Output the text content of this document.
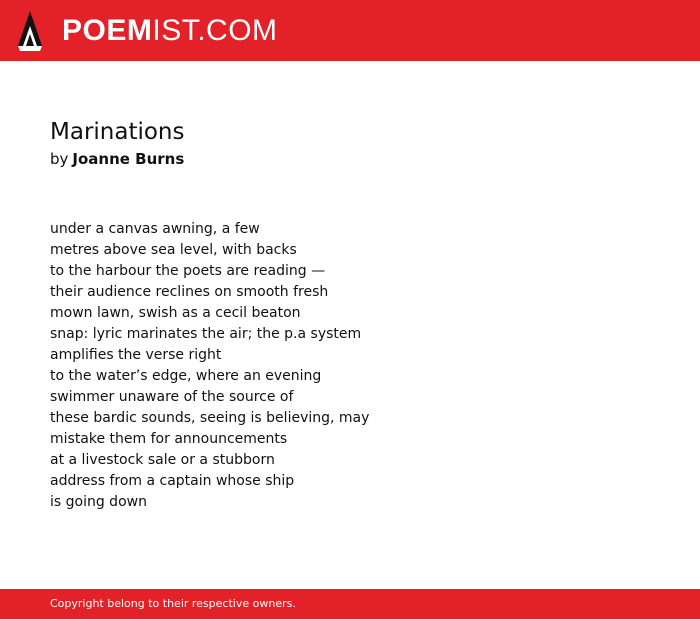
POEMIST.COM
Marinations
by Joanne Burns
under a canvas awning, a few
metres above sea level, with backs
to the harbour the poets are reading —
their audience reclines on smooth fresh
mown lawn, swish as a cecil beaton
snap: lyric marinates the air; the p.a system
amplifies the verse right
to the water’s edge, where an evening
swimmer unaware of the source of
these bardic sounds, seeing is believing, may
mistake them for announcements
at a livestock sale or a stubborn
address from a captain whose ship
is going down
Copyright belong to their respective owners.
